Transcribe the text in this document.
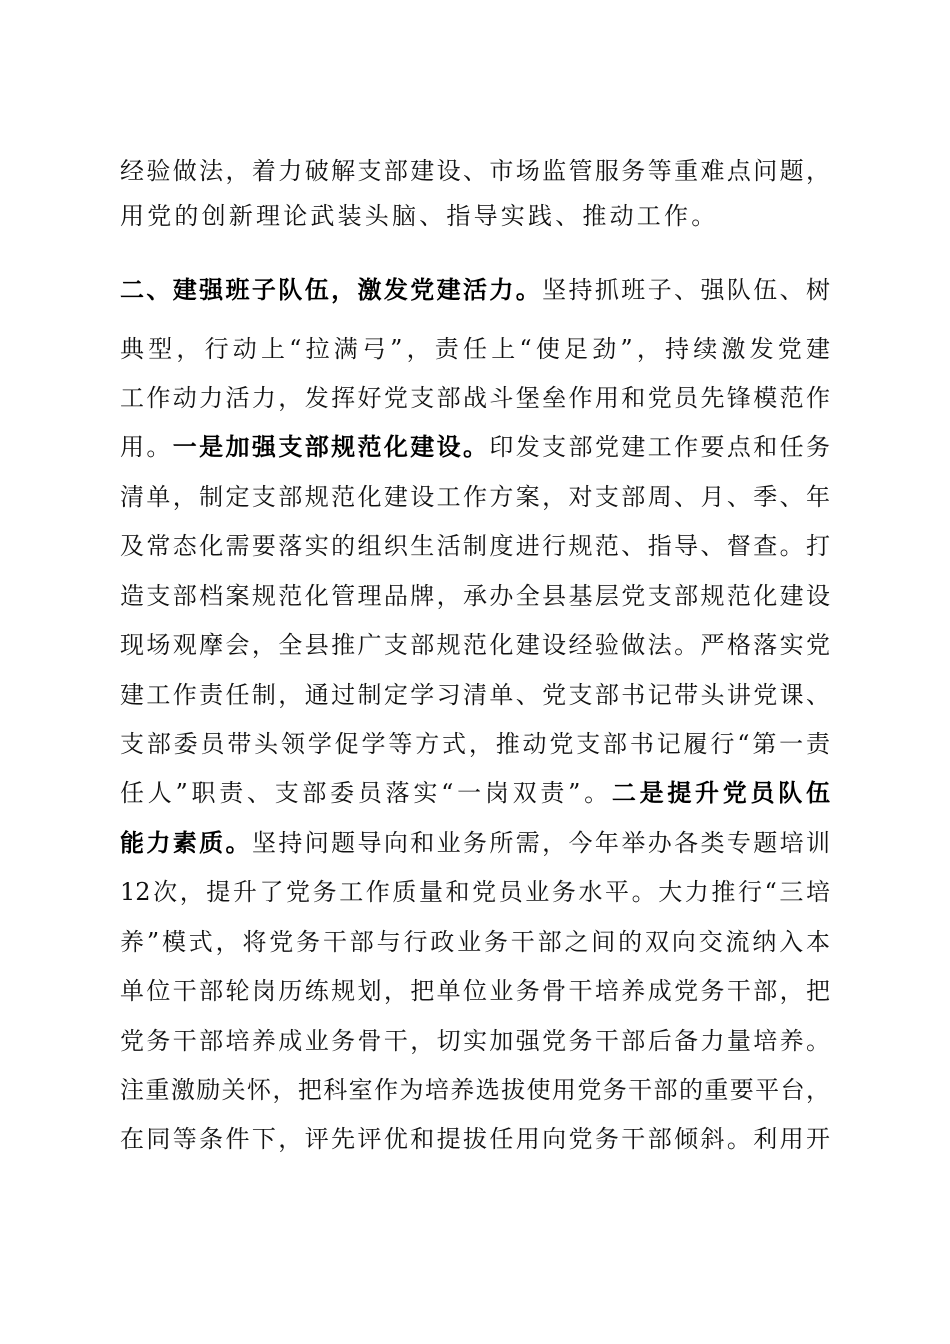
经验做法，着力破解支部建设、市场监管服务等重难点问题，
用党的创新理论武装头脑、指导实践、推动工作。
二、建强班子队伍，激发党建活力。坚持抓班子、强队伍、树
典型，行动上“拉满弓”，责任上“使足劲”，持续激发党建
工作动力活力，发挥好党支部战斗堡垒作用和党员先锋模范作
用。一是加强支部规范化建设。印发支部党建工作要点和任务
清单，制定支部规范化建设工作方案，对支部周、月、季、年
及常态化需要落实的组织生活制度进行规范、指导、督查。打
造支部档案规范化管理品牌，承办全县基层党支部规范化建设
现场观摩会，全县推广支部规范化建设经验做法。严格落实党
建工作责任制，通过制定学习清单、党支部书记带头讲党课、
支部委员带头领学促学等方式，推动党支部书记履行“第一责
任人”职责、支部委员落实“一岗双责”。二是提升党员队伍
能力素质。坚持问题导向和业务所需，今年举办各类专题培训
12次，提升了党务工作质量和党员业务水平。大力推行“三培
养”模式，将党务干部与行政业务干部之间的双向交流纳入本
单位干部轮岗历练规划，把单位业务骨干培养成党务干部，把
党务干部培养成业务骨干，切实加强党务干部后备力量培养。
注重激励关怀，把科室作为培养选拔使用党务干部的重要平台，
在同等条件下，评先评优和提拔任用向党务干部倾斜。利用开
